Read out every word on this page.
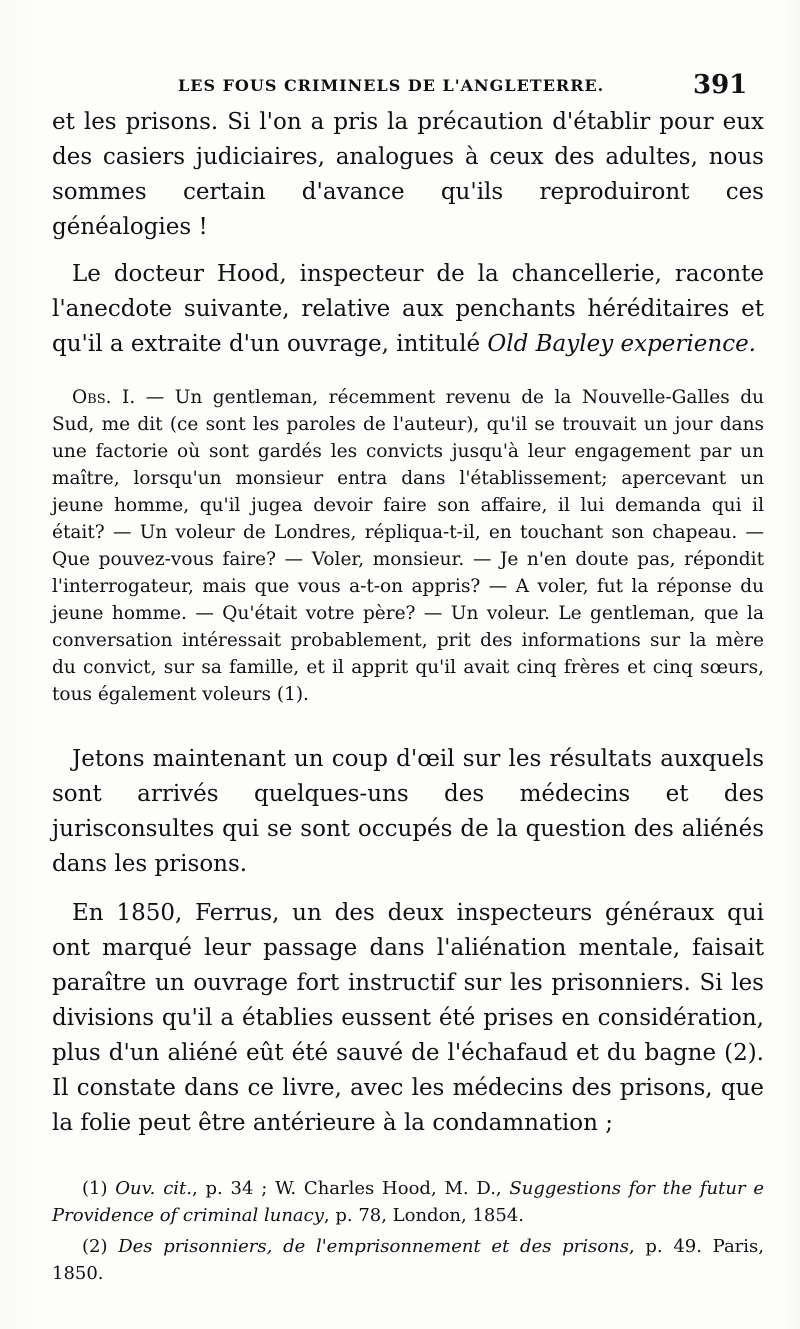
LES FOUS CRIMINELS DE L'ANGLETERRE.	391

et les prisons. Si l'on a pris la précaution d'établir pour eux des casiers judiciaires, analogues à ceux des adultes, nous sommes certain d'avance qu'ils reproduiront ces généalogies !

Le docteur Hood, inspecteur de la chancellerie, raconte l'anecdote suivante, relative aux penchants héréditaires et qu'il a extraite d'un ouvrage, intitulé Old Bayley experience.

Obs. I. — Un gentleman, récemment revenu de la Nouvelle-Galles du Sud, me dit (ce sont les paroles de l'auteur), qu'il se trouvait un jour dans une factorie où sont gardés les convicts jusqu'à leur engagement par un maître, lorsqu'un monsieur entra dans l'établissement; apercevant un jeune homme, qu'il jugea devoir faire son affaire, il lui demanda qui il était? — Un voleur de Londres, répliqua-t-il, en touchant son chapeau. — Que pouvez-vous faire? — Voler, monsieur. — Je n'en doute pas, répondit l'interrogateur, mais que vous a-t-on appris? — A voler, fut la réponse du jeune homme. — Qu'était votre père? — Un voleur. Le gentleman, que la conversation intéressait probablement, prit des informations sur la mère du convict, sur sa famille, et il apprit qu'il avait cinq frères et cinq sœurs, tous également voleurs (1).

Jetons maintenant un coup d'œil sur les résultats auxquels sont arrivés quelques-uns des médecins et des jurisconsultes qui se sont occupés de la question des aliénés dans les prisons.

En 1850, Ferrus, un des deux inspecteurs généraux qui ont marqué leur passage dans l'aliénation mentale, faisait paraître un ouvrage fort instructif sur les prisonniers. Si les divisions qu'il a établies eussent été prises en considération, plus d'un aliéné eût été sauvé de l'échafaud et du bagne (2). Il constate dans ce livre, avec les médecins des prisons, que la folie peut être antérieure à la condamnation ;

(1) Ouv. cit., p. 34 ; W. Charles Hood, M. D., Suggestions for the futur e Providence of criminal lunacy, p. 78, London, 1854.

(2) Des prisonniers, de l'emprisonnement et des prisons, p. 49. Paris, 1850.
